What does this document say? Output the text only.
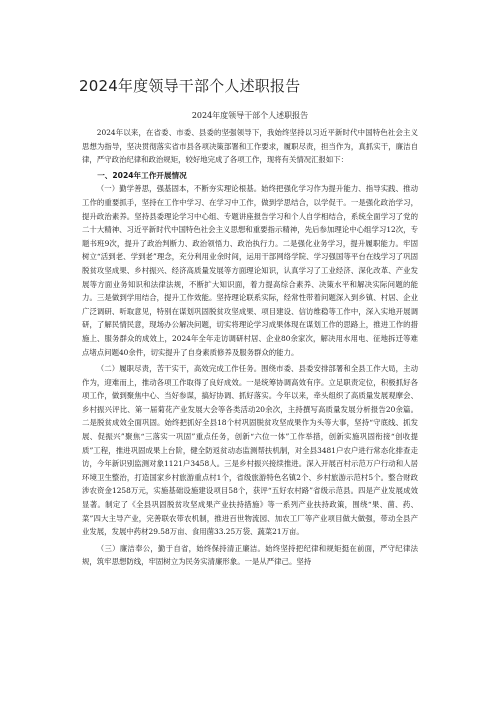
2024年度领导干部个人述职报告
2024年度领导干部个人述职报告

2024年以来，在省委、市委、县委的坚强领导下，我始终坚持以习近平新时代中国特色社会主义思想为指导，坚决贯彻落实省市县各项决策部署和工作要求，履职尽责，担当作为，真抓实干，廉洁自律，严守政治纪律和政治规矩，较好地完成了各项工作，现将有关情况汇报如下：

一、2024年工作开展情况

（一）勤学善思，强基固本，不断夯实理论根基。始终把强化学习作为提升能力、指导实践、推动工作的重要抓手，坚持在工作中学习、在学习中工作，做到学思结合，以学促干。一是强化政治学习，提升政治素养。坚持县委理论学习中心组、专题讲座报告学习和个人自学相结合，系统全面学习了党的二十大精神、习近平新时代中国特色社会主义思想和重要指示精神，先后参加理论中心组学习12次，专题书班9次，提升了政治判断力、政治领悟力、政治执行力。二是强化业务学习，提升履职能力。牢固树立“活到老、学到老”理念，充分利用业余时间，运用干部网络学院、学习强国等平台在线学习了巩固脱贫攻坚成果、乡村振兴、经济高质量发展等方面理论知识，认真学习了工业经济、深化改革、产业发展等方面业务知识和法律法规，不断扩大知识面，着力提高综合素养、决策水平和解决实际问题的能力。三是做到学用结合，提升工作效能。坚持理论联系实际，经常性带着问题深入到乡镇、村居、企业广泛调研、听取意见，特别在谋划巩固脱贫攻坚成果、项目建设、信访维稳等工作中，深入实地开展调研，了解民情民意，现场办公解决问题，切实将理论学习成果体现在谋划工作的思路上，推进工作的措施上、服务群众的成效上，2024年全年走访调研村居、企业80余家次，解决用水用电、征地拆迁等难点堵点问题40余件，切实提升了自身素质修养及服务群众的能力。

（二）履职尽责，苦干实干，高效完成工作任务。围绕市委、县委安排部署和全县工作大局，主动作为，迎难而上，推动各项工作取得了良好成效。一是统筹协调高效有序。立足职责定位，积极抓好各项工作，做到聚焦中心、当好参谋，搞好协调、抓好落实。今年以来，牵头组织了高质量发展观摩会、乡村振兴评比、第一届菊花产业发展大会等各类活动20余次，主持撰写高质量发展分析报告20余篇。二是脱贫成效全面巩固。始终把抓好全县18个村巩固脱贫攻坚成果作为头等大事，坚持“守底线、抓发展、促振兴”聚焦“三落实一巩固”重点任务，创新“六位一体”工作举措，创新实施巩固衔接“创收提质”工程，推进巩固成果上台阶，健全防返贫动态监测帮扶机制，对全县3481户农户进行常态化排查走访，今年新识别监测对象1121户3458人。三是乡村振兴接续推进。深入开展百村示范万户行动和人居环境卫生整治，打造国家乡村旅游重点村1个，省级旅游特色名镇2个、乡村旅游示范村5个。整合财政涉农资金1258万元，实施基础设施建设项目58个，获评“五好农村路”省级示范县。四是产业发展成效显著。制定了《全县巩固脱贫攻坚成果产业扶持措施》等一系列产业扶持政策，围绕“果、菌、药、菜”四大主导产业，完善联农带农机制，推进百世物流园、加农工厂等产业项目做大做强，带动全县产业发展，发展中药材29.58万亩、食用菌33.25万袋、蔬菜21万亩。

（三）廉洁奉公，勤于自省，始终保持清正廉洁。始终坚持把纪律和规矩挺在前面，严守纪律法规，筑牢思想防线，牢固树立为民务实清廉形象。一是从严律己。坚持
